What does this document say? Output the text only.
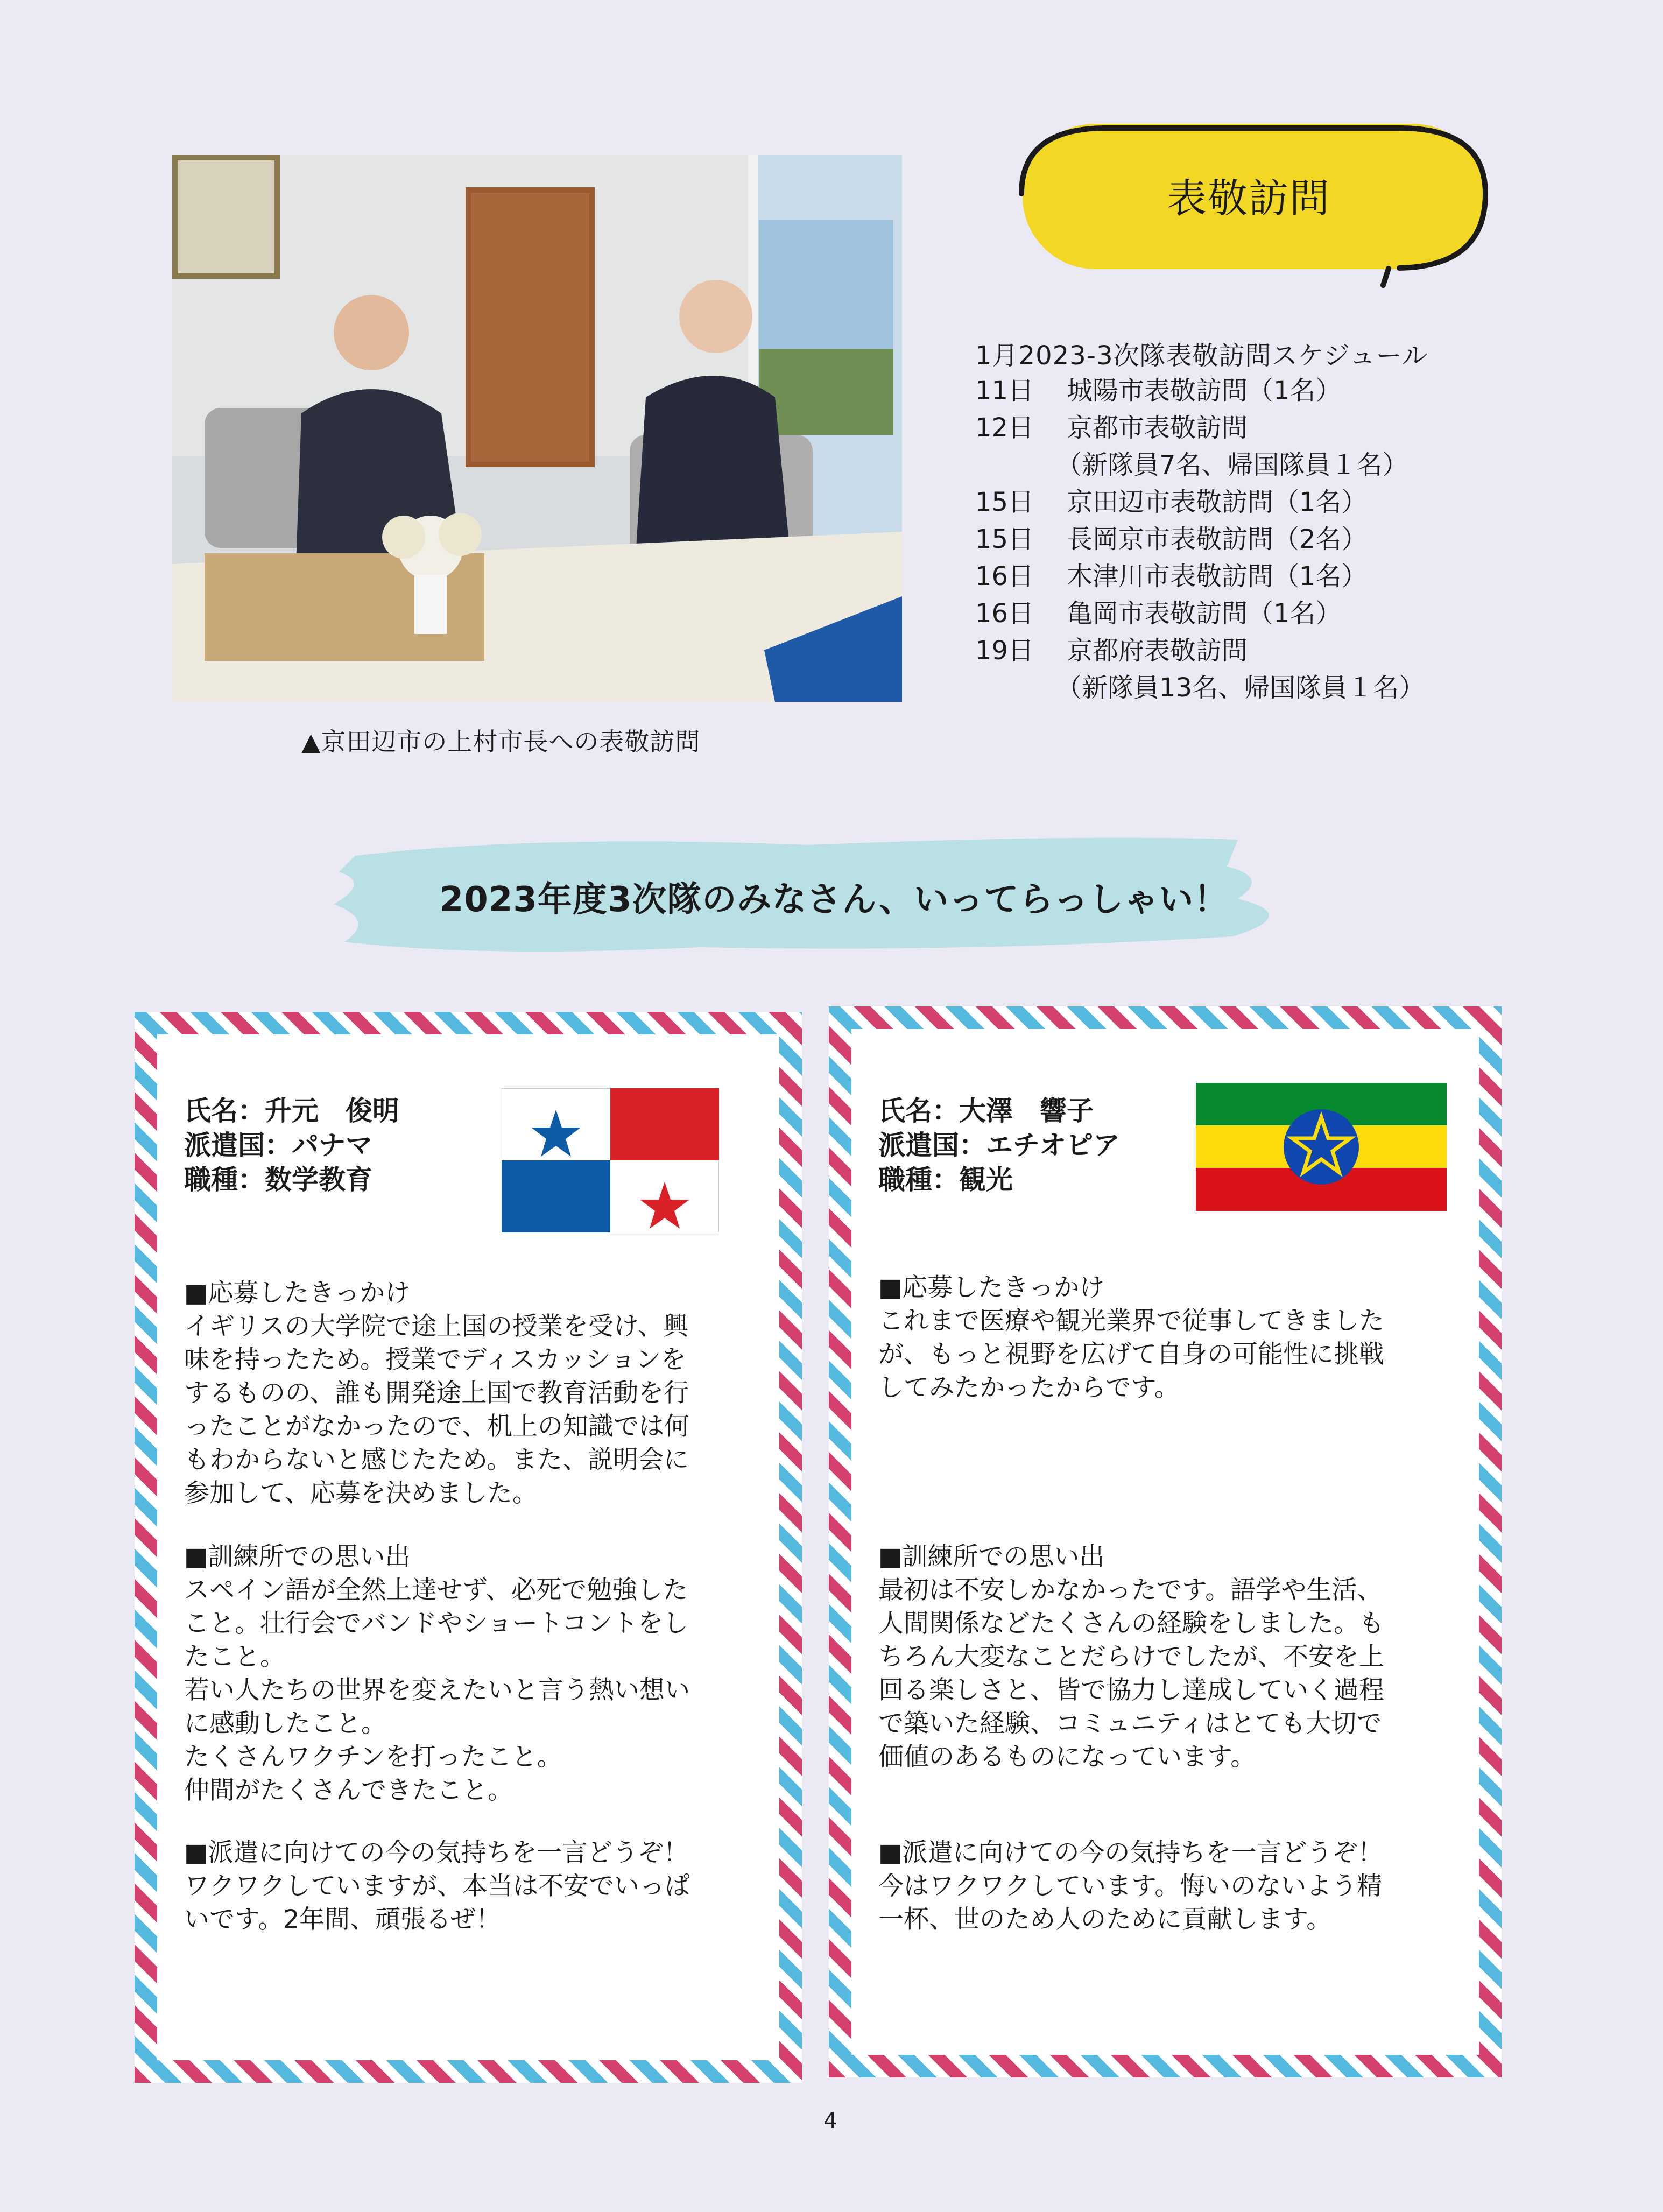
▲京田辺市の上村市長への表敬訪問
表敬訪問
1月2023-3次隊表敬訪問スケジュール
11日	城陽市表敬訪問（1名）
12日	京都市表敬訪問
（新隊員7名、帰国隊員１名）
15日	京田辺市表敬訪問（1名）
15日	長岡京市表敬訪問（2名）
16日	木津川市表敬訪問（1名）
16日	亀岡市表敬訪問（1名）
19日	京都府表敬訪問
（新隊員13名、帰国隊員１名）
2023年度3次隊のみなさん、いってらっしゃい！
氏名：升元　俊明
派遣国：パナマ
職種：数学教育
■応募したきっかけ
イギリスの大学院で途上国の授業を受け、興
味を持ったため。授業でディスカッションを
するものの、誰も開発途上国で教育活動を行
ったことがなかったので、机上の知識では何
もわからないと感じたため。また、説明会に
参加して、応募を決めました。
■訓練所での思い出
スペイン語が全然上達せず、必死で勉強した
こと。壮行会でバンドやショートコントをし
たこと。
若い人たちの世界を変えたいと言う熱い想い
に感動したこと。
たくさんワクチンを打ったこと。
仲間がたくさんできたこと。
■派遣に向けての今の気持ちを一言どうぞ！
ワクワクしていますが、本当は不安でいっぱ
いです。2年間、頑張るぜ！
氏名：大澤　響子
派遣国：エチオピア
職種：観光
■応募したきっかけ
これまで医療や観光業界で従事してきました
が、もっと視野を広げて自身の可能性に挑戦
してみたかったからです。
■訓練所での思い出
最初は不安しかなかったです。語学や生活、
人間関係などたくさんの経験をしました。も
ちろん大変なことだらけでしたが、不安を上
回る楽しさと、皆で協力し達成していく過程
で築いた経験、コミュニティはとても大切で
価値のあるものになっています。
■派遣に向けての今の気持ちを一言どうぞ！
今はワクワクしています。悔いのないよう精
一杯、世のため人のために貢献します。
4
